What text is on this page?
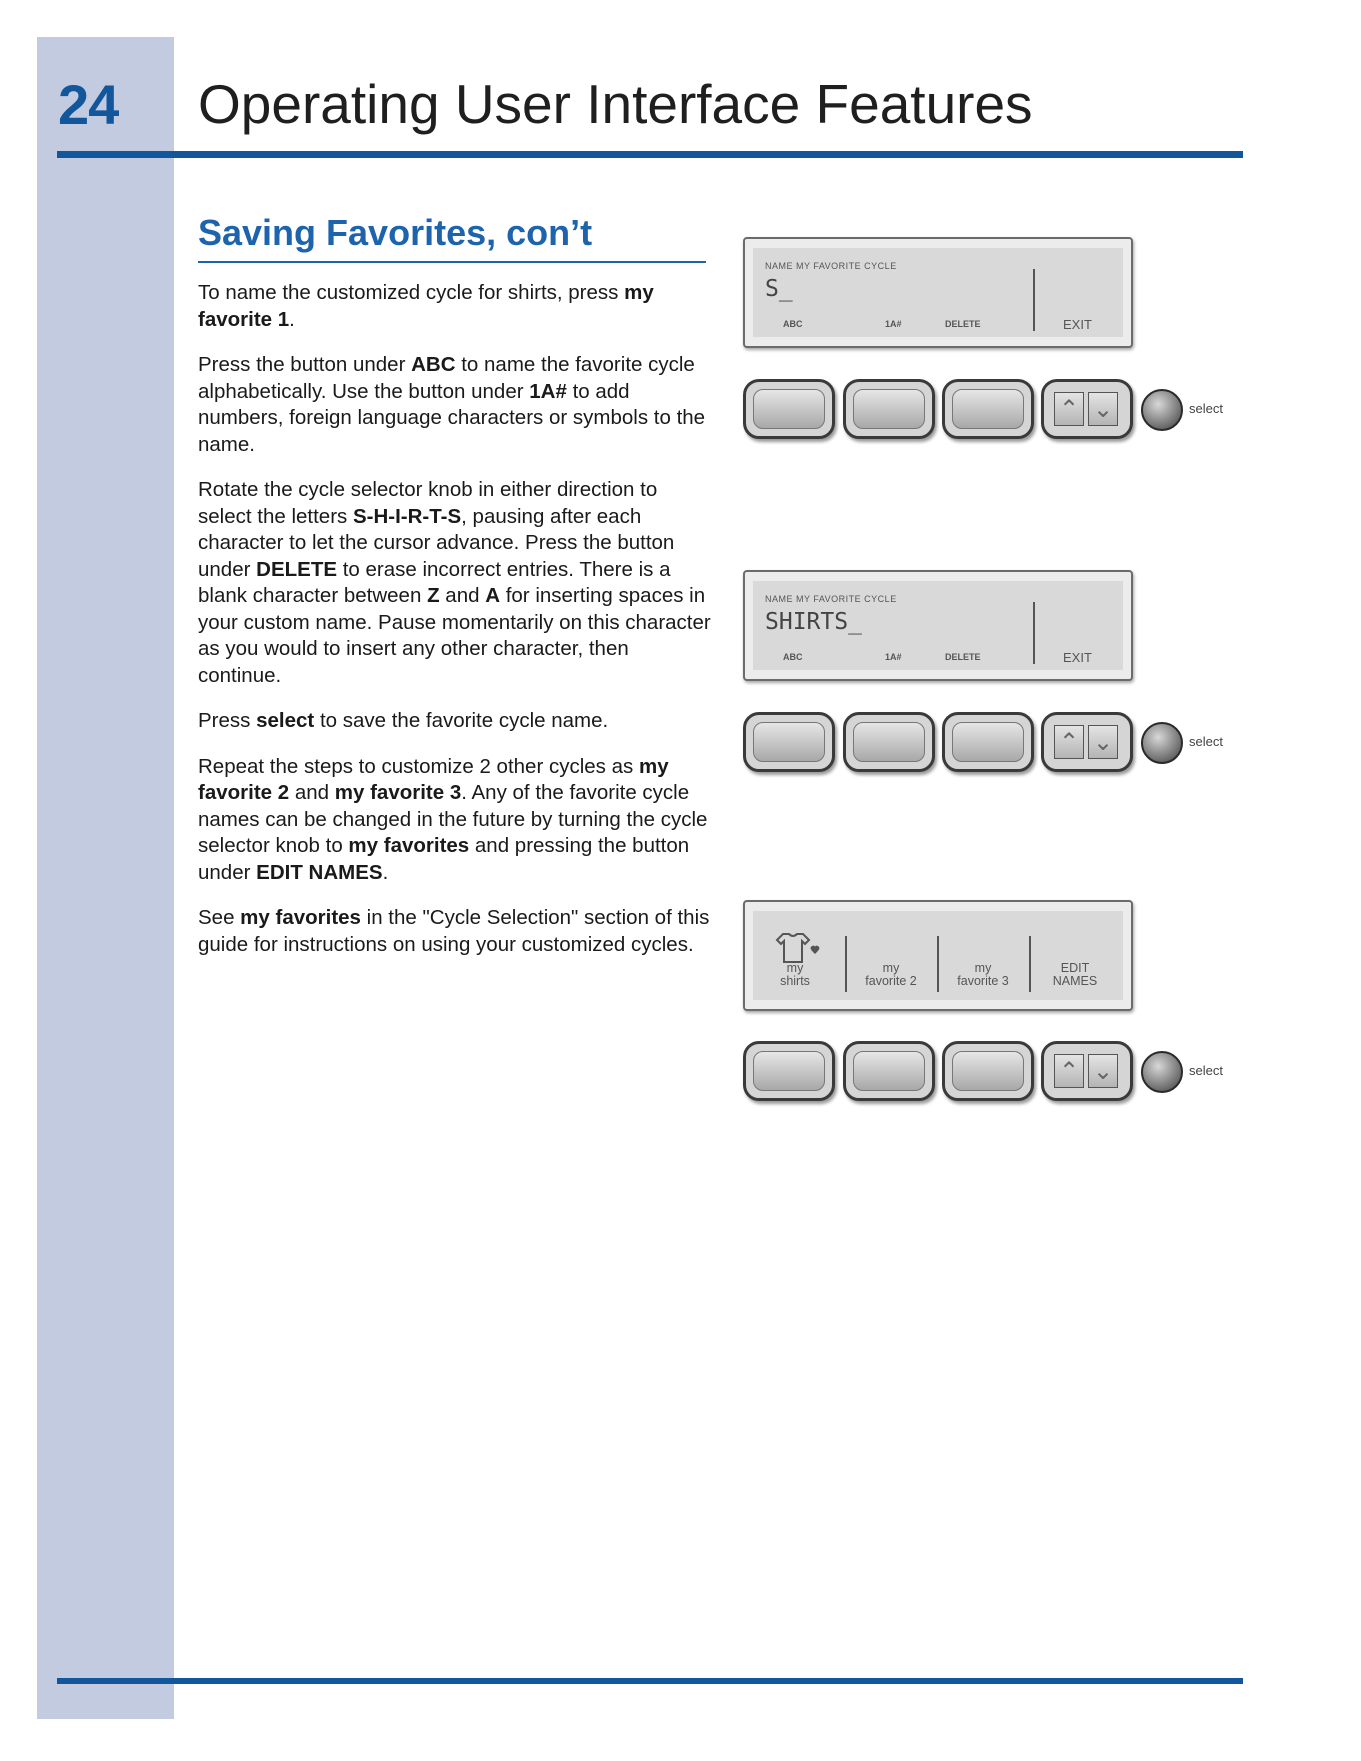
24 Operating User Interface Features
Saving Favorites, con’t

To name the customized cycle for shirts, press my favorite 1.

Press the button under ABC to name the favorite cycle alphabetically. Use the button under 1A# to add numbers, foreign language characters or symbols to the name.

Rotate the cycle selector knob in either direction to select the letters S-H-I-R-T-S, pausing after each character to let the cursor advance. Press the button under DELETE to erase incorrect entries. There is a blank character between Z and A for inserting spaces in your custom name. Pause momentarily on this character as you would to insert any other character, then continue.

Press select to save the favorite cycle name.

Repeat the steps to customize 2 other cycles as my favorite 2 and my favorite 3. Any of the favorite cycle names can be changed in the future by turning the cycle selector knob to my favorites and pressing the button under EDIT NAMES.

See my favorites in the "Cycle Selection" section of this guide for instructions on using your customized cycles.

NAME MY FAVORITE CYCLE
S_
ABC	1A#	DELETE	EXIT
⌃ ⌄	select
NAME MY FAVORITE CYCLE
SHIRTS_
ABC	1A#	DELETE	EXIT
⌃ ⌄	select
my
shirts
my
favorite 2
my
favorite 3
EDIT
NAMES
⌃ ⌄	select
